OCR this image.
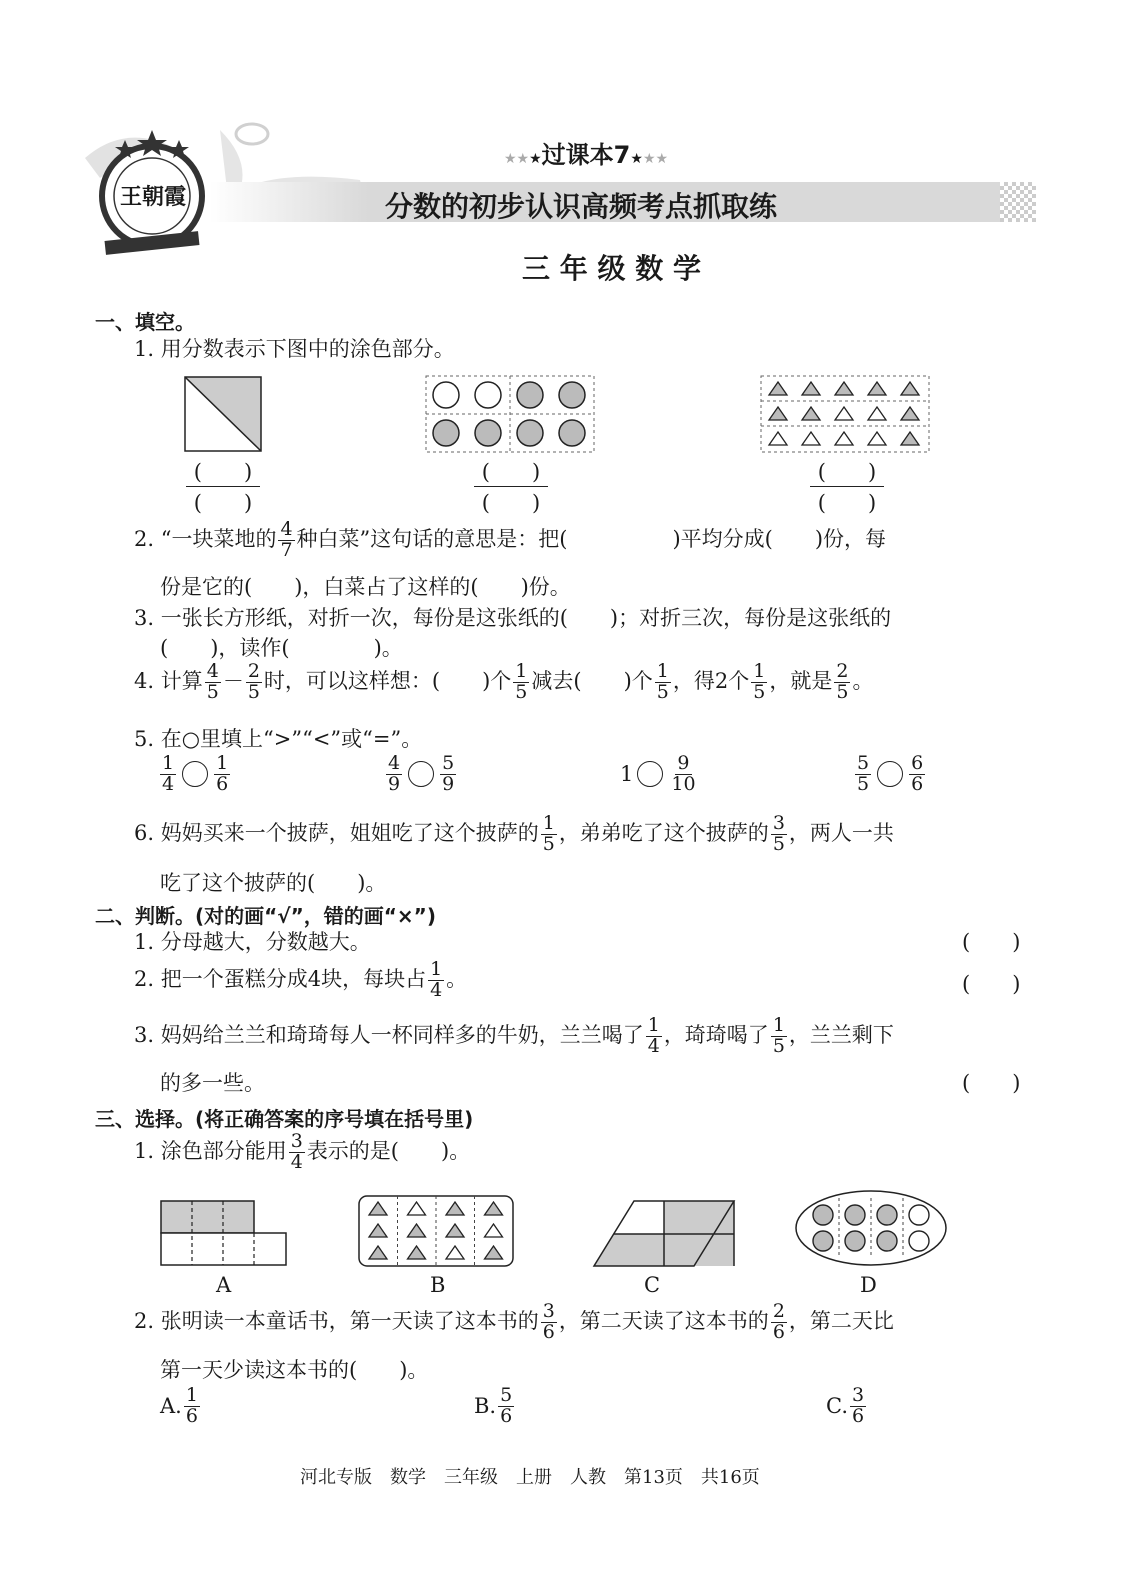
王朝霞
★★★过课本7★★★
分数的初步认识高频考点抓取练
三 年 级 数 学
一、填空。
1. 用分数表示下图中的涂色部分。
(　　)
(　　)
(　　)
(　　)
(　　)
(　　)
2. “一块菜地的 $\frac{4}{7}$ 种白菜”这句话的意思是：把(　　　　　)平均分成(　　)份，每
份是它的(　　)，白菜占了这样的(　　)份。
3. 一张长方形纸，对折一次，每份是这张纸的(　　)；对折三次，每份是这张纸的
(　　)，读作(　　　　)。
4. 计算 $\frac{4}{5} - \frac{2}{5}$ 时，可以这样想：(　　)个 $\frac{1}{5}$ 减去(　　)个 $\frac{1}{5}$ ，得2个 $\frac{1}{5}$ ，就是 $\frac{2}{5}$ 。
5. 在○里填上“>”“<”或“=”。
$\frac{1}{4} \frac{1}{6}$	$\frac{4}{9} \frac{5}{9}$	$1 \frac{9}{10}$	$\frac{5}{5} \frac{6}{6}$
6. 妈妈买来一个披萨，姐姐吃了这个披萨的 $\frac{1}{5}$ ，弟弟吃了这个披萨的 $\frac{3}{5}$ ，两人一共
吃了这个披萨的(　　)。
二、判断。(对的画“√”，错的画“×”)
1. 分母越大，分数越大。	(　　)
2. 把一个蛋糕分成4块，每块占 $\frac{1}{4}$ 。	(　　)
3. 妈妈给兰兰和琦琦每人一杯同样多的牛奶，兰兰喝了 $\frac{1}{4}$ ，琦琦喝了 $\frac{1}{5}$ ，兰兰剩下
的多一些。	(　　)
三、选择。(将正确答案的序号填在括号里)
1. 涂色部分能用 $\frac{3}{4}$ 表示的是(　　)。
A	B	C	D
2. 张明读一本童话书，第一天读了这本书的 $\frac{3}{6}$ ，第二天读了这本书的 $\frac{2}{6}$ ，第二天比
第一天少读这本书的(　　)。
A. $\frac{1}{6}$	B. $\frac{5}{6}$	C. $\frac{3}{6}$
河北专版　数学　三年级　上册　人教　第13页　共16页
